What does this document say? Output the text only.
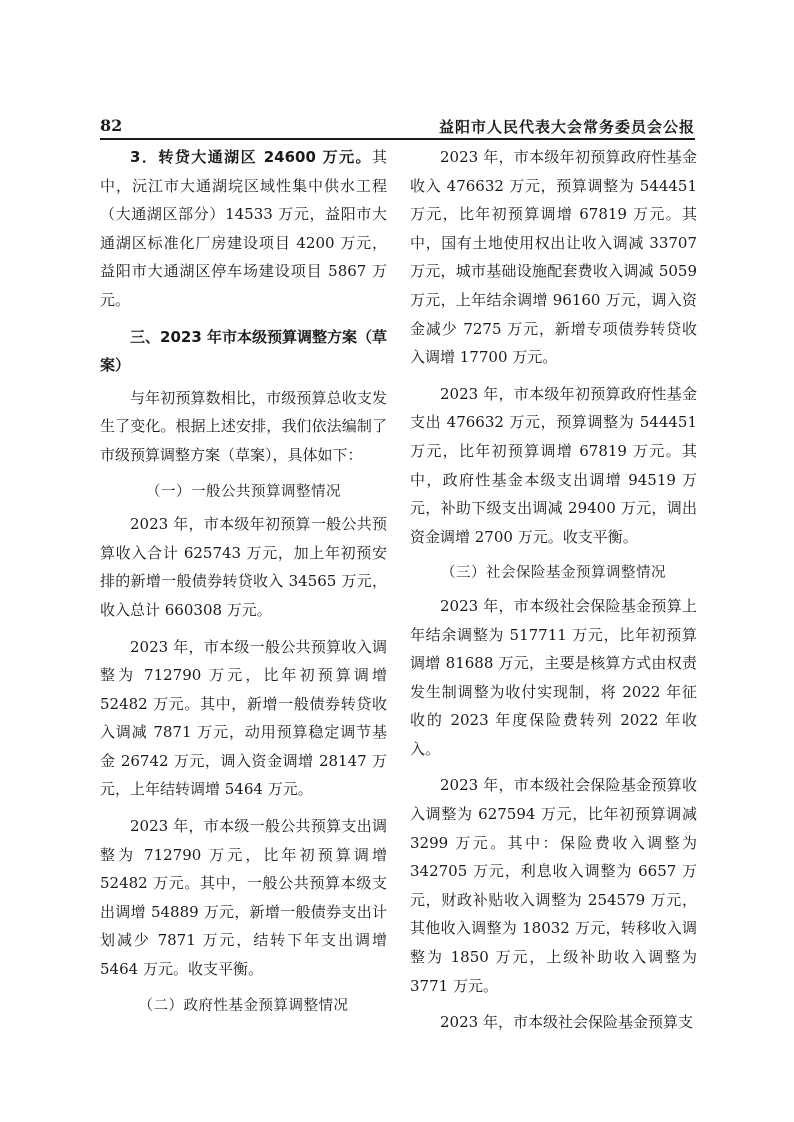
82	益阳市人民代表大会常务委员会公报

3．转贷大通湖区 24600 万元。其中，沅江市大通湖垸区域性集中供水工程（大通湖区部分）14533 万元，益阳市大通湖区标准化厂房建设项目 4200 万元，益阳市大通湖区停车场建设项目 5867 万元。

三、2023 年市本级预算调整方案（草案）

与年初预算数相比，市级预算总收支发生了变化。根据上述安排，我们依法编制了市级预算调整方案（草案），具体如下：

（一）一般公共预算调整情况

2023 年，市本级年初预算一般公共预算收入合计 625743 万元，加上年初预安排的新增一般债券转贷收入 34565 万元，收入总计 660308 万元。

2023 年，市本级一般公共预算收入调整为 712790 万元，比年初预算调增 52482 万元。其中，新增一般债券转贷收入调减 7871 万元，动用预算稳定调节基金 26742 万元，调入资金调增 28147 万元，上年结转调增 5464 万元。

2023 年，市本级一般公共预算支出调整为 712790 万元，比年初预算调增 52482 万元。其中，一般公共预算本级支出调增 54889 万元，新增一般债券支出计划减少 7871 万元，结转下年支出调增 5464 万元。收支平衡。

（二）政府性基金预算调整情况

2023 年，市本级年初预算政府性基金收入 476632 万元，预算调整为 544451 万元，比年初预算调增 67819 万元。其中，国有土地使用权出让收入调减 33707 万元，城市基础设施配套费收入调减 5059 万元，上年结余调增 96160 万元，调入资金减少 7275 万元，新增专项债券转贷收入调增 17700 万元。

2023 年，市本级年初预算政府性基金支出 476632 万元，预算调整为 544451 万元，比年初预算调增 67819 万元。其中，政府性基金本级支出调增 94519 万元，补助下级支出调减 29400 万元，调出资金调增 2700 万元。收支平衡。

（三）社会保险基金预算调整情况

2023 年，市本级社会保险基金预算上年结余调整为 517711 万元，比年初预算调增 81688 万元，主要是核算方式由权责发生制调整为收付实现制，将 2022 年征收的 2023 年度保险费转列 2022 年收入。

2023 年，市本级社会保险基金预算收入调整为 627594 万元，比年初预算调减 3299 万元。其中：保险费收入调整为 342705 万元，利息收入调整为 6657 万元，财政补贴收入调整为 254579 万元，其他收入调整为 18032 万元，转移收入调整为 1850 万元，上级补助收入调整为 3771 万元。

2023 年，市本级社会保险基金预算支
